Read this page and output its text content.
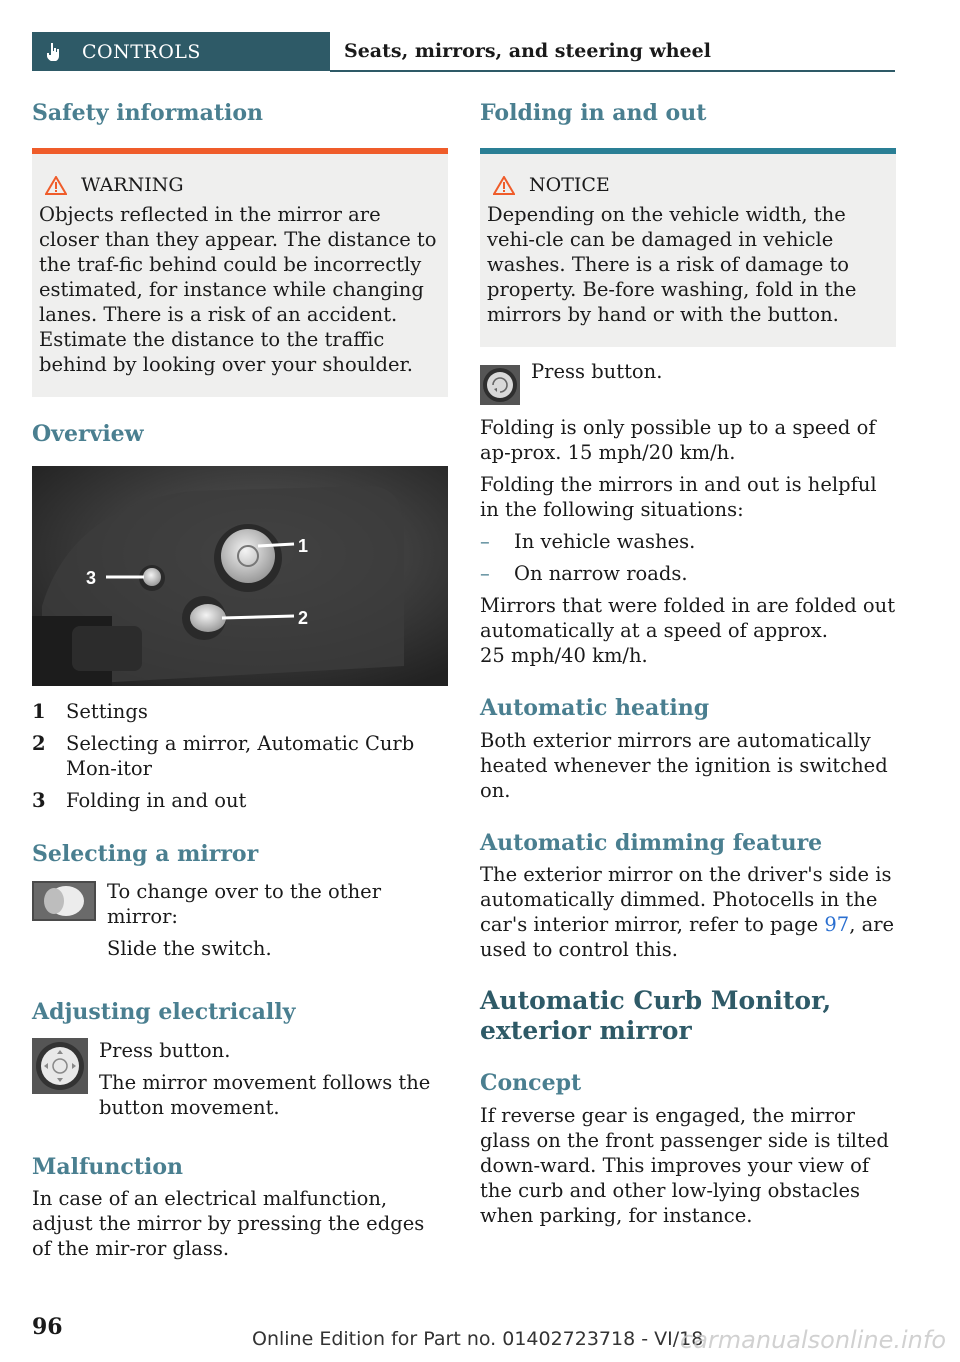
CONTROLS	Seats, mirrors, and steering wheel
Safety information
WARNING

Objects reflected in the mirror are closer than they appear. The distance to the traf-fic behind could be incorrectly estimated, for instance while changing lanes. There is a risk of an accident. Estimate the distance to the traffic behind by looking over your shoulder.

Overview
1
3
2
1	Settings
2	Selecting a mirror, Automatic Curb Mon-itor
3	Folding in and out
Selecting a mirror

To change over to the other mirror:

Slide the switch.

Adjusting electrically

Press button.

The mirror movement follows the button movement.

Malfunction

In case of an electrical malfunction, adjust the mirror by pressing the edges of the mir-ror glass.

Folding in and out
NOTICE

Depending on the vehicle width, the vehi-cle can be damaged in vehicle washes. There is a risk of damage to property. Be-fore washing, fold in the mirrors by hand or with the button.

Press button.

Folding is only possible up to a speed of ap-prox. 15 mph/20 km/h.

Folding the mirrors in and out is helpful in the following situations:

–	In vehicle washes.
–	On narrow roads.

Mirrors that were folded in are folded out automatically at a speed of approx.
25 mph/40 km/h.

Automatic heating

Both exterior mirrors are automatically heated whenever the ignition is switched on.

Automatic dimming feature

The exterior mirror on the driver's side is automatically dimmed. Photocells in the car's interior mirror, refer to page 97, are used to control this.

Automatic Curb Monitor, exterior mirror
Concept

If reverse gear is engaged, the mirror glass on the front passenger side is tilted down-ward. This improves your view of the curb and other low-lying obstacles when parking, for instance.

96	Online Edition for Part no. 01402723718 - VI/18
carmanualsonline.info
